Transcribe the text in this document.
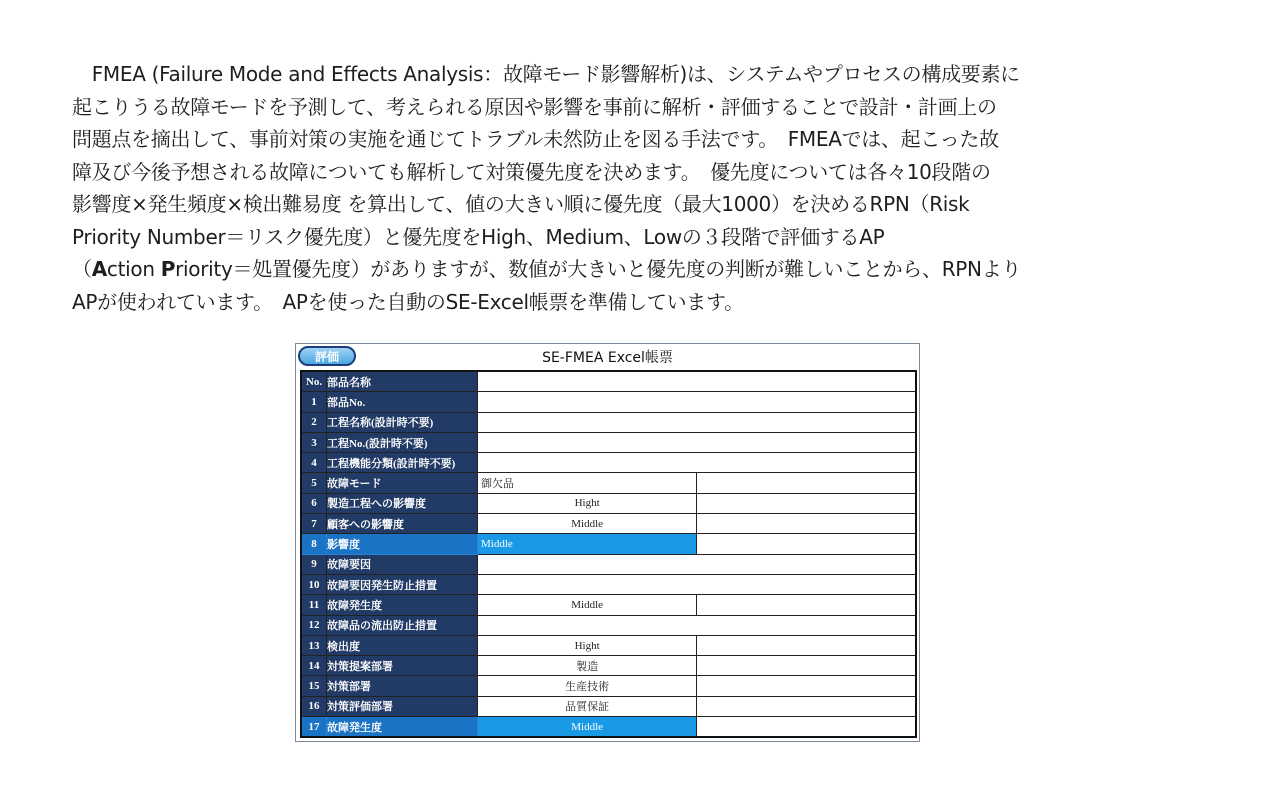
　FMEA (Failure Mode and Effects Analysis：故障モード影響解析)は、システムやプロセスの構成要素に
起こりうる故障モードを予測して、考えられる原因や影響を事前に解析・評価することで設計・計画上の
問題点を摘出して、事前対策の実施を通じてトラブル未然防止を図る手法です。　FMEAでは、起こった故
障及び今後予想される故障についても解析して対策優先度を決めます。　優先度については各々10段階の
影響度×発生頻度×検出難易度 を算出して、値の大きい順に優先度（最大1000）を決めるRPN（Risk
Priority Number＝リスク優先度）と優先度をHigh、Medium、Lowの３段階で評価するAP
（Action Priority＝処置優先度）がありますが、数値が大きいと優先度の判断が難しいことから、RPNより
APが使われています。　APを使った自動のSE-Excel帳票を準備しています。
評価	SE-FMEA Excel帳票
No.	部品名称		
1	部品No.		
2	工程名称(設計時不要)		
3	工程No.(設計時不要)		
4	工程機能分類(設計時不要)		
5	故障モード	御欠品	
6	製造工程への影響度	Hight	
7	顧客への影響度	Middle	
8	影響度	Middle	
9	故障要因		
10	故障要因発生防止措置		
11	故障発生度	Middle	
12	故障品の流出防止措置		
13	検出度	Hight	
14	対策提案部署	製造	
15	対策部署	生産技術	
16	対策評価部署	品質保証	
17	故障発生度	Middle	
